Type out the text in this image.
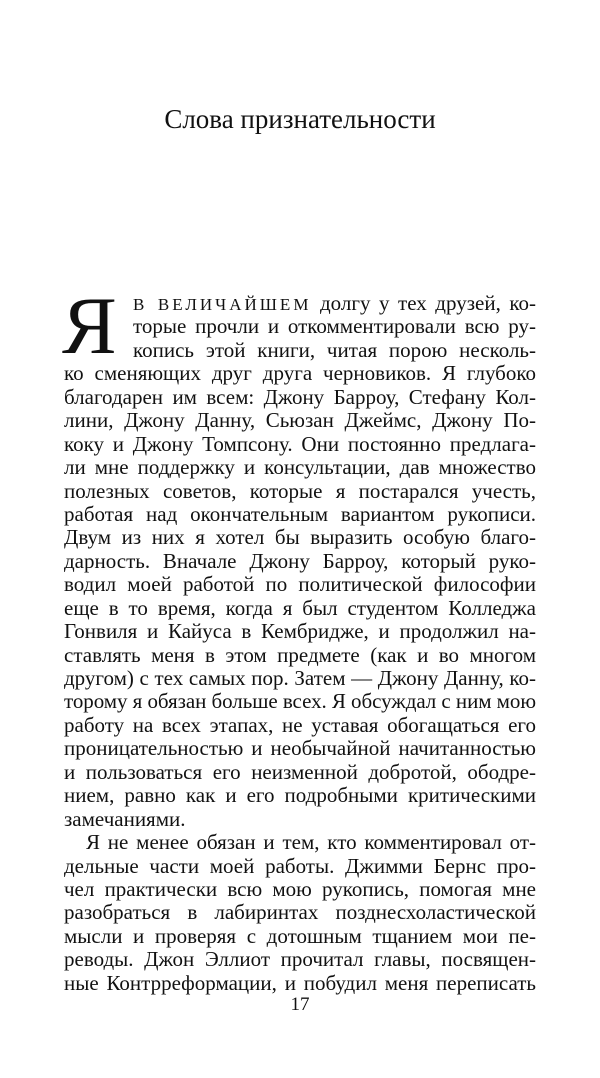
Слова признательности
Я В ВЕЛИЧАЙШЕМ долгу у тех друзей, ко-
торые прочли и откомментировали всю ру-
копись этой книги, читая порою несколь-
ко сменяющих друг друга черновиков. Я глубоко
благодарен им всем: Джону Барроу, Стефану Кол-
лини, Джону Данну, Сьюзан Джеймс, Джону По-
коку и Джону Томпсону. Они постоянно предлага-
ли мне поддержку и консультации, дав множество
полезных советов, которые я постарался учесть,
работая над окончательным вариантом рукописи.
Двум из них я хотел бы выразить особую благо-
дарность. Вначале Джону Барроу, который руко-
водил моей работой по политической философии
еще в то время, когда я был студентом Колледжа
Гонвиля и Кайуса в Кембридже, и продолжил на-
ставлять меня в этом предмете (как и во многом
другом) с тех самых пор. Затем — Джону Данну, ко-
торому я обязан больше всех. Я обсуждал с ним мою
работу на всех этапах, не уставая обогащаться его
проницательностью и необычайной начитанностью
и пользоваться его неизменной добротой, ободре-
нием, равно как и его подробными критическими
замечаниями.
Я не менее обязан и тем, кто комментировал от-
дельные части моей работы. Джимми Бернс про-
чел практически всю мою рукопись, помогая мне
разобраться в лабиринтах позднесхоластической
мысли и проверяя с дотошным тщанием мои пе-
реводы. Джон Эллиот прочитал главы, посвящен-
ные Контрреформации, и побудил меня переписать
17
